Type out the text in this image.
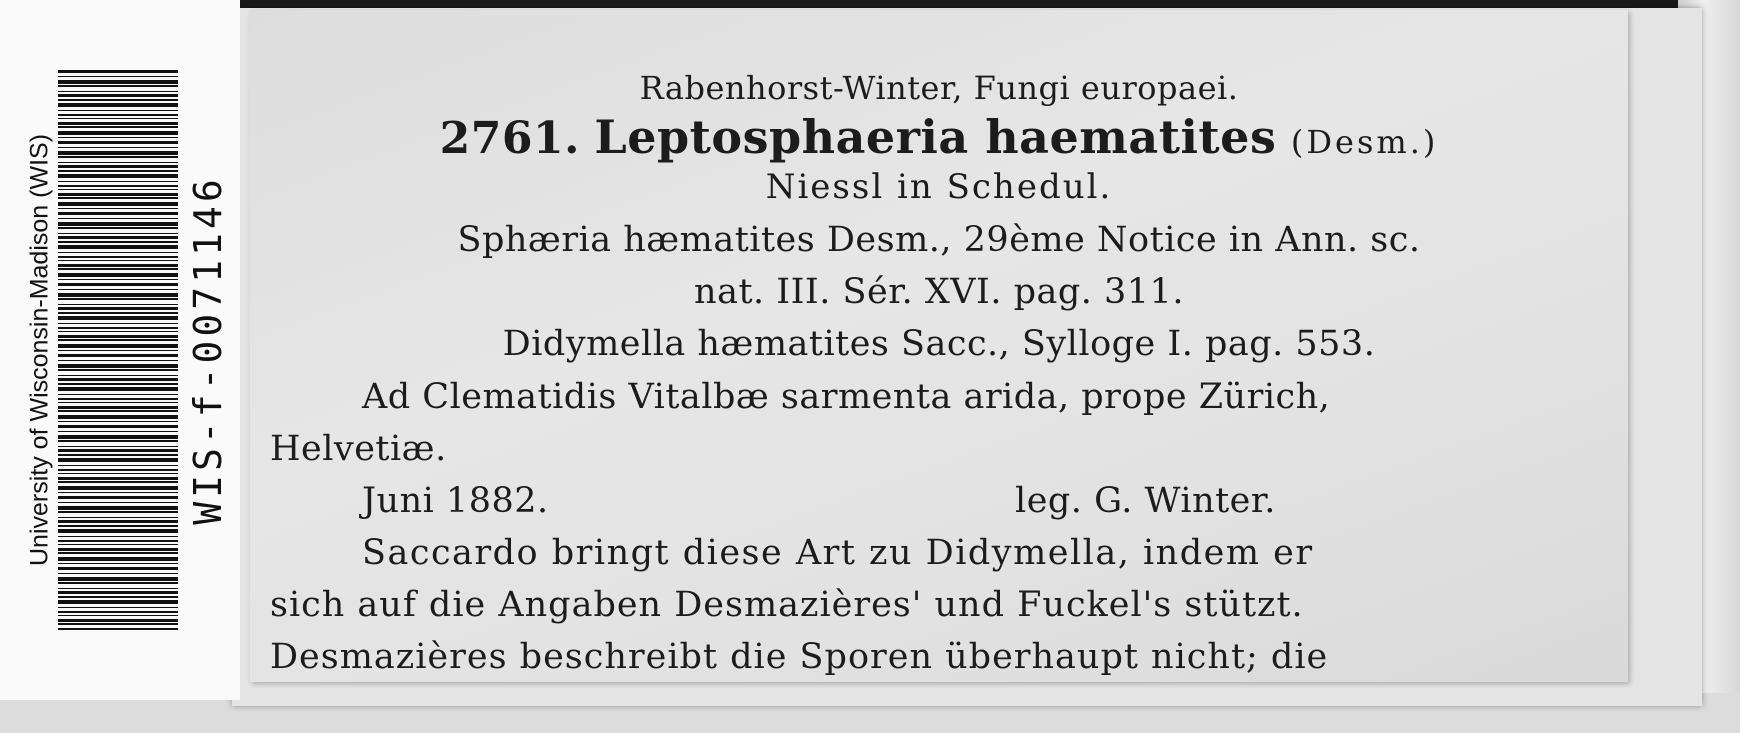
Rabenhorst-Winter, Fungi europaei.
2761. Leptosphaeria haematites (Desm.)
Niessl in Schedul.
Sphæria hæmatites Desm., 29ème Notice in Ann. sc.
nat. III. Sér. XVI. pag. 311.
Didymella hæmatites Sacc., Sylloge I. pag. 553.
Ad Clematidis Vitalbæ sarmenta arida, prope Zürich,
Helvetiæ.
Juni 1882.	leg. G. Winter.
Saccardo bringt diese Art zu Didymella, indem er
sich auf die Angaben Desmazières' und Fuckel's stützt.
Desmazières beschreibt die Sporen überhaupt nicht; die
University of Wisconsin-Madison (WIS)	WIS-f-0071146
